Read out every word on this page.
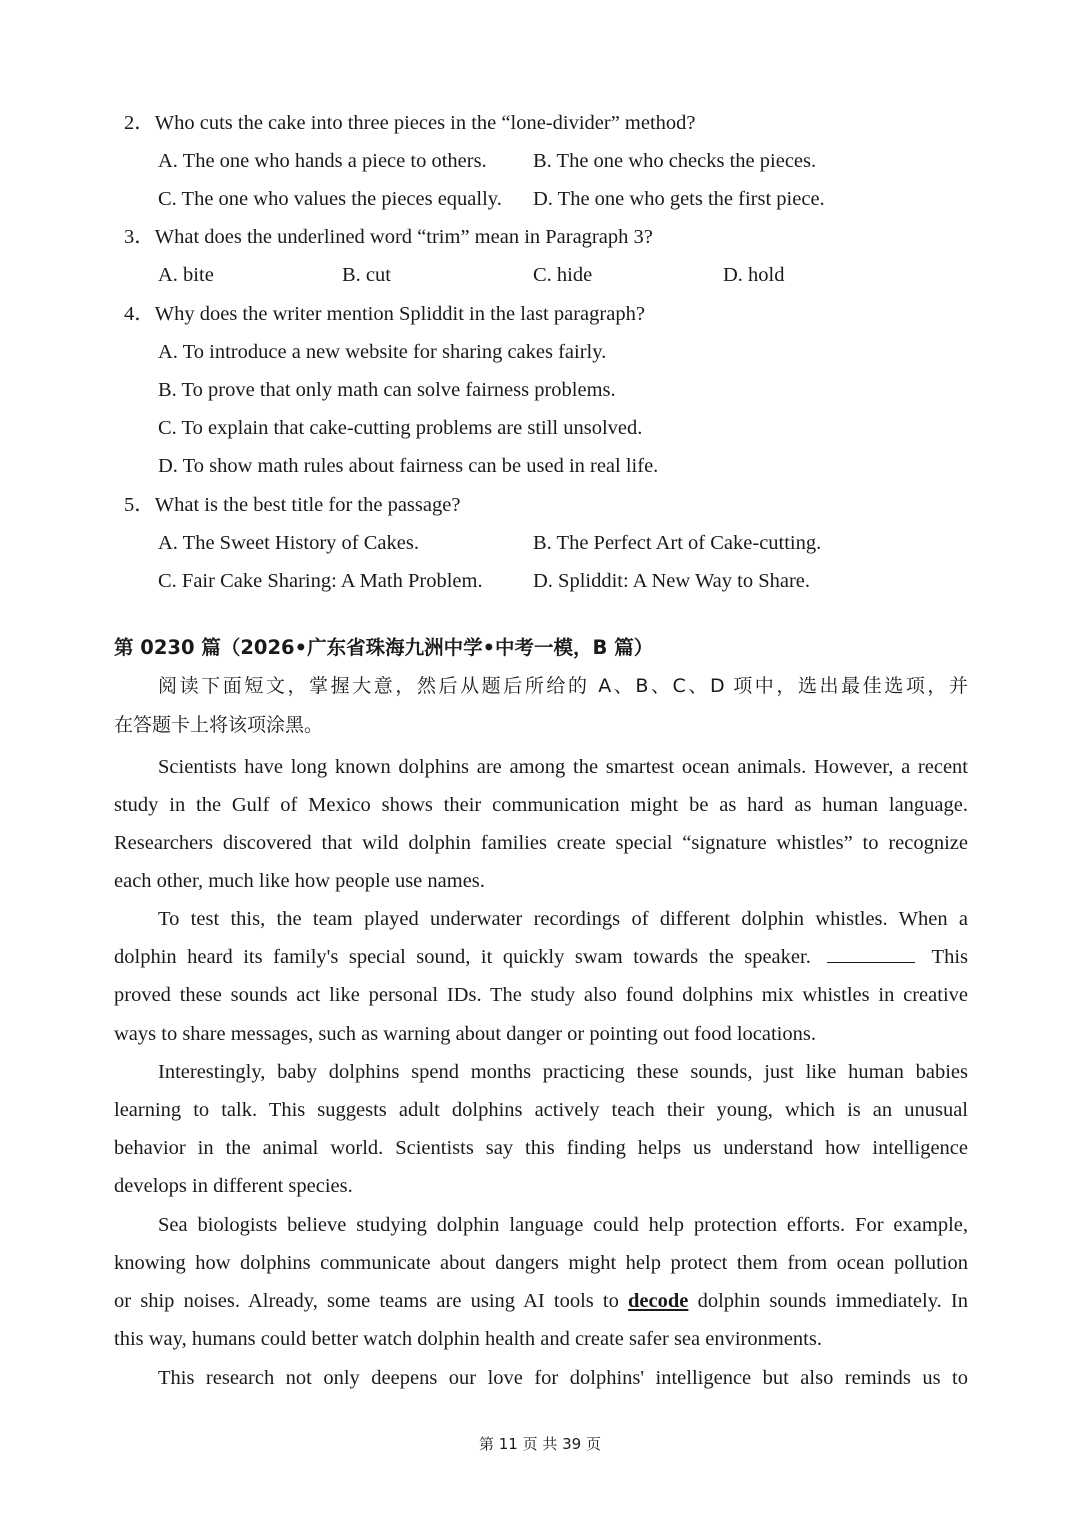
2．Who cuts the cake into three pieces in the “lone-divider” method?
A. The one who hands a piece to others. B. The one who checks the pieces.
C. The one who values the pieces equally. D. The one who gets the first piece.
3．What does the underlined word “trim” mean in Paragraph 3?
A. bite	B. cut	C. hide	D. hold
4．Why does the writer mention Spliddit in the last paragraph?
A. To introduce a new website for sharing cakes fairly.
B. To prove that only math can solve fairness problems.
C. To explain that cake-cutting problems are still unsolved.
D. To show math rules about fairness can be used in real life.
5．What is the best title for the passage?
A. The Sweet History of Cakes.	B. The Perfect Art of Cake-cutting.
C. Fair Cake Sharing: A Math Problem. D. Spliddit: A New Way to Share.
第 0230 篇（2026•广东省珠海九洲中学•中考一模，B 篇）
阅读下面短文，掌握大意，然后从题后所给的 A、B、C、D 项中，选出最佳选项，并
在答题卡上将该项涂黑。
Scientists have long known dolphins are among the smartest ocean animals. However, a recent
study in the Gulf of Mexico shows their communication might be as hard as human language.
Researchers discovered that wild dolphin families create special “signature whistles” to recognize
each other, much like how people use names.
To test this, the team played underwater recordings of different dolphin whistles. When a
dolphin heard its family's special sound, it quickly swam towards the speaker.	This
proved these sounds act like personal IDs. The study also found dolphins mix whistles in creative
ways to share messages, such as warning about danger or pointing out food locations.
Interestingly, baby dolphins spend months practicing these sounds, just like human babies
learning to talk. This suggests adult dolphins actively teach their young, which is an unusual
behavior in the animal world. Scientists say this finding helps us understand how intelligence
develops in different species.
Sea biologists believe studying dolphin language could help protection efforts. For example,
knowing how dolphins communicate about dangers might help protect them from ocean pollution
or ship noises. Already, some teams are using AI tools to decode dolphin sounds immediately. In
this way, humans could better watch dolphin health and create safer sea environments.
This research not only deepens our love for dolphins' intelligence but also reminds us to
第 11 页 共 39 页
